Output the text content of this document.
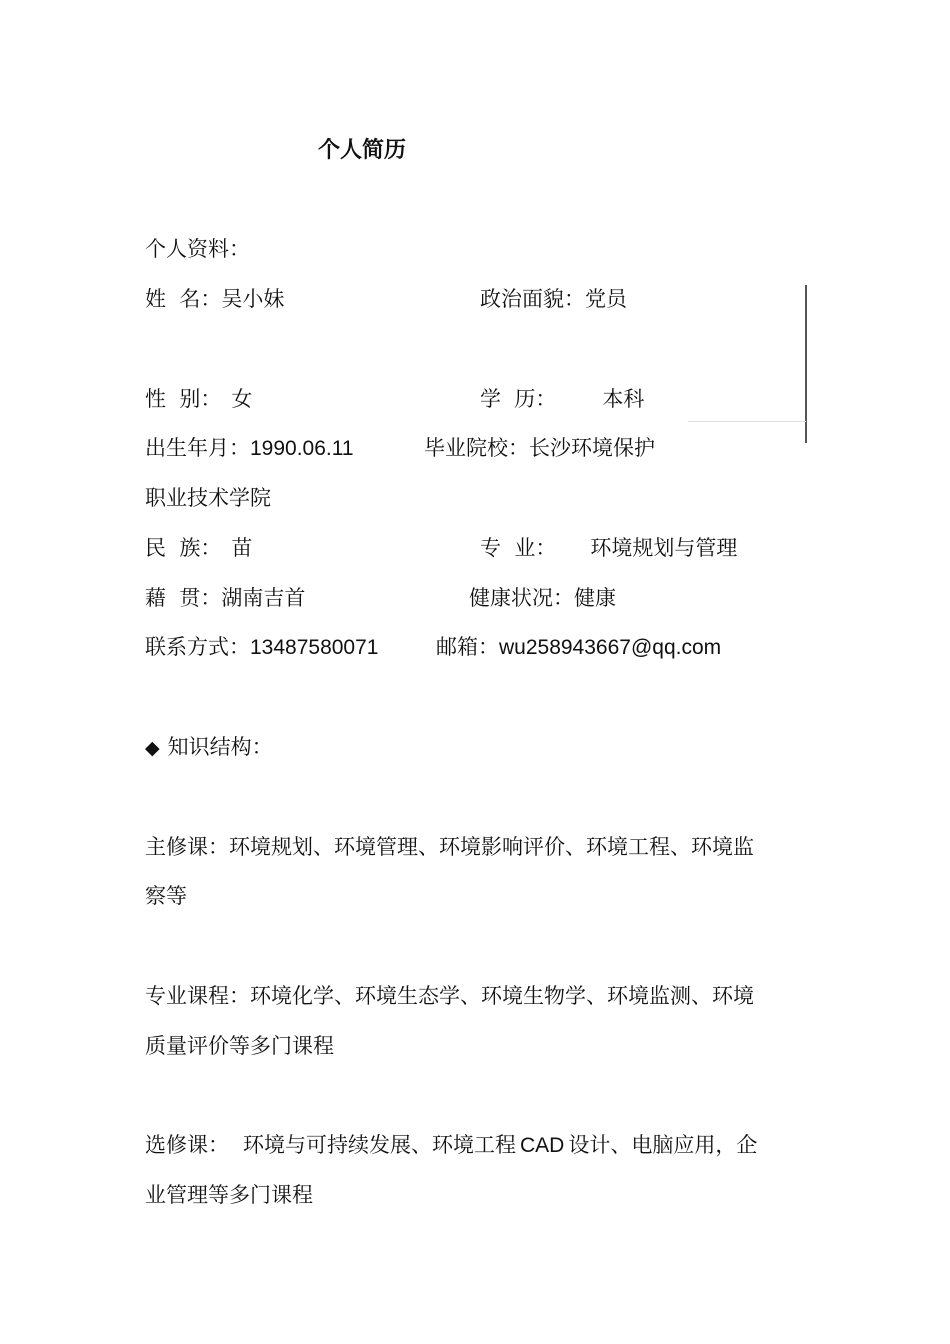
个人简历
个人资料：
姓  名：吴小妹	政治面貌：党员
性  别： 女	学  历： 本科
出生年月：1990.06.11	毕业院校：长沙环境保护
职业技术学院
民  族： 苗	专  业： 环境规划与管理
藉  贯：湖南吉首	健康状况：健康
联系方式：13487580071	邮箱：wu258943667@qq.com
◆ 知识结构：
主修课：环境规划、环境管理、环境影响评价、环境工程、环境监
察等
专业课程：环境化学、环境生态学、环境生物学、环境监测、环境
质量评价等多门课程
选修课： 环境与可持续发展、环境工程 CAD 设计、电脑应用，企
业管理等多门课程
